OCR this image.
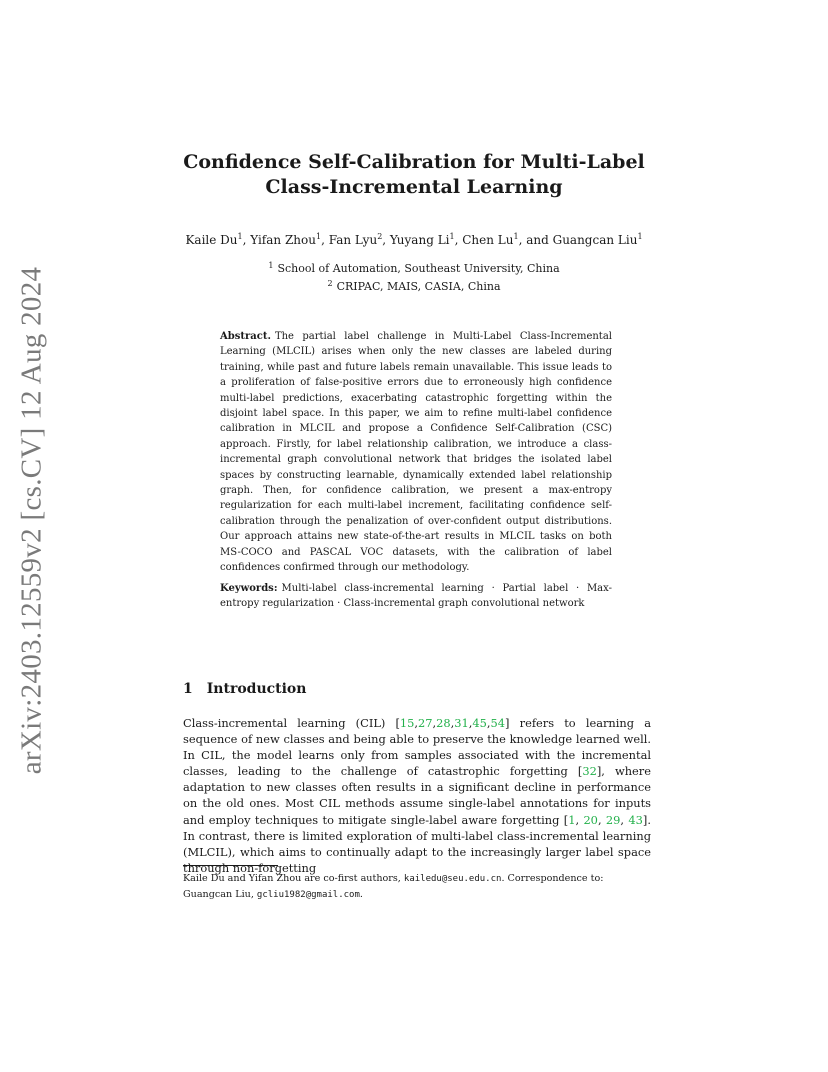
arXiv:2403.12559v2 [cs.CV] 12 Aug 2024
Confidence Self-Calibration for Multi-Label
Class-Incremental Learning
Kaile Du$^1$, Yifan Zhou$^1$, Fan Lyu$^2$, Yuyang Li$^1$, Chen Lu$^1$, and Guangcan Liu$^1$
$^1$ School of Automation, Southeast University, China
$^2$ CRIPAC, MAIS, CASIA, China
Abstract. The partial label challenge in Multi-Label Class-Incremental Learning (MLCIL) arises when only the new classes are labeled during training, while past and future labels remain unavailable. This issue leads to a proliferation of false-positive errors due to erroneously high confidence multi-label predictions, exacerbating catastrophic forgetting within the disjoint label space. In this paper, we aim to refine multi-label confidence calibration in MLCIL and propose a Confidence Self-Calibration (CSC) approach. Firstly, for label relationship calibration, we introduce a class-incremental graph convolutional network that bridges the isolated label spaces by constructing learnable, dynamically extended label relationship graph. Then, for confidence calibration, we present a max-entropy regularization for each multi-label increment, facilitating confidence self-calibration through the penalization of over-confident output distributions. Our approach attains new state-of-the-art results in MLCIL tasks on both MS-COCO and PASCAL VOC datasets, with the calibration of label confidences confirmed through our methodology.
Keywords: Multi-label class-incremental learning · Partial label · Max-entropy regularization · Class-incremental graph convolutional network
1 Introduction
Class-incremental learning (CIL) [15,27,28,31,45,54] refers to learning a sequence of new classes and being able to preserve the knowledge learned well. In CIL, the model learns only from samples associated with the incremental classes, leading to the challenge of catastrophic forgetting [32], where adaptation to new classes often results in a significant decline in performance on the old ones. Most CIL methods assume single-label annotations for inputs and employ techniques to mitigate single-label aware forgetting [1, 20, 29, 43]. In contrast, there is limited exploration of multi-label class-incremental learning (MLCIL), which aims to continually adapt to the increasingly larger label space through non-forgetting
Kaile Du and Yifan Zhou are co-first authors, kailedu@seu.edu.cn. Correspondence to: Guangcan Liu, gcliu1982@gmail.com.
